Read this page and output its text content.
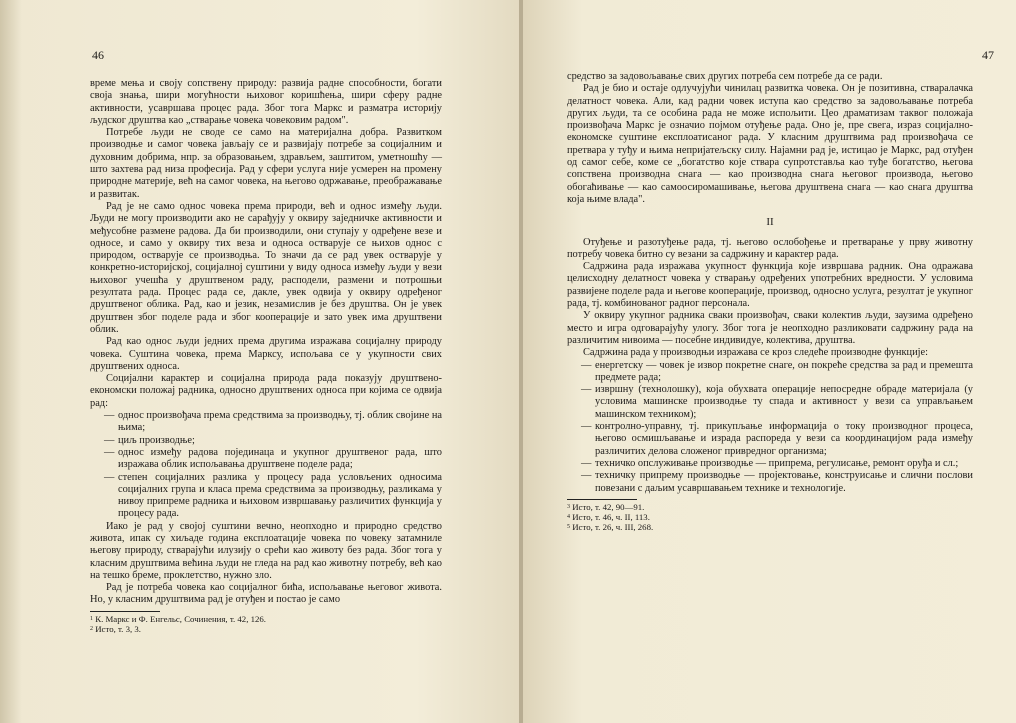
46

време мења и своју сопствену природу: развија радне способности, богати своја знања, шири могућности њиховог коришћења, шири сферу радне активности, усавршава процес рада. Због тога Маркс и разматра историју људског друштва као „стварање човека човековим радом".

Потребе људи не своде се само на материјална добра. Развитком производње и самог човека јављају се и развијају потребе за социјалним и духовним добрима, нпр. за образовањем, здрављем, заштитом, уметношћу — што захтева рад низа професија. Рад у сфери услуга није усмерен на промену природне материје, већ на самог човека, на његово одржавање, преображавање и развитак.

Рад је не само однос човека према природи, већ и однос између људи. Људи не могу производити ако не сарађују у оквиру заједничке активности и међусобне размене радова. Да би производили, они ступају у одређене везе и односе, и само у оквиру тих веза и односа остварује се њихов однос с природом, остварује се производња. То значи да се рад увек остварује у конкретно-историјској, социјалној суштини у виду односа између људи у вези њиховог учешћа у друштвеном раду, расподели, размени и потрошњи резултата рада. Процес рада се, дакле, увек одвија у оквиру одређеног друштвеног облика. Рад, као и језик, незамислив је без друштва. Он је увек друштвен због поделе рада и због кооперације и зато увек има друштвени облик.

Рад као однос људи једних према другима изражава социјалну природу човека. Суштина човека, према Марксу, испољава се у укупности свих друштвених односа.

Социјални карактер и социјална природа рада показују друштвено-економски положај радника, односно друштвених односа при којима се одвија рад:

— однос произвођача према средствима за производњу, тј. облик својине на њима;
— циљ производње;
— однос између радова појединаца и укупног друштвеног рада, што изражава облик испољавања друштвене поделе рада;
— степен социјалних разлика у процесу рада условљених односима социјалних група и класа према средствима за производњу, разликама у нивоу припреме радника и њиховом извршавању различитих функција у процесу рада.

Иако је рад у својој суштини вечно, неопходно и природно средство живота, ипак су хиљаде година експлоатације човека по човеку затамниле његову природу, стварајући илузију о срећи као животу без рада. Због тога у класним друштвима већина људи не гледа на рад као животну потребу, већ као на тешко бреме, проклетство, нужно зло.

Рад је потреба човека као социјалног бића, испољавање његовог живота. Но, у класним друштвима рад је отуђен и постао је само

$^1$ К. Маркс и Ф. Енгельс, Сочинения, т. 42, 126.
$^2$ Исто, т. 3, 3.
47

средство за задовољавање свих других потреба сем потребе да се ради.

Рад је био и остаје одлучујући чинилац развитка човека. Он је позитивна, стваралачка делатност човека. Али, кад радни човек иступа као средство за задовољавање потреба других људи, та се особина рада не може испољити. Цео драматизам таквог положаја произвођача Маркс је означио појмом отуђење рада. Оно је, пре свега, израз социјално-економске суштине експлоатисаног рада. У класним друштвима рад произвођача се претвара у туђу и њима непријатељску силу. Најамни рад је, истицао је Маркс, рад отуђен од самог себе, коме се „богатство које ствара супротставља као туђе богатство, његова сопствена производна снага — као производна снага његовог производа, његово обогаћивање — као самоосиромашивање, његова друштвена снага — као снага друштва која њиме влада".

II

Отуђење и разотуђење рада, тј. његово ослобођење и претварање у прву животну потребу човека битно су везани за садржину и карактер рада.

Садржина рада изражава укупност функција које извршава радник. Она одражава целисходну делатност човека у стварању одређених употребних вредности. У условима развијене поделе рада и његове кооперације, производ, односно услуга, резултат је укупног рада, тј. комбинованог радног персонала.

У оквиру укупног радника сваки произвођач, сваки колектив људи, заузима одређено место и игра одговарајућу улогу. Због тога је неопходно разликовати садржину рада на различитим нивоима — посебне индивидуе, колектива, друштва.

Садржина рада у производњи изражава се кроз следеће производне функције:

— енергетску — човек је извор покретне снаге, он покреће средства за рад и премешта предмете рада;
— извршну (технолошку), која обухвата операције непосредне обраде материјала (у условима машинске производње ту спада и активност у вези са управљањем машинском техником);
— контролно-управну, тј. прикупљање информација о току производног процеса, његово осмишљавање и израда распореда у вези са координацијом рада између различитих делова сложеног привредног организма;
— техничко опслуживање производње — припрема, регулисање, ремонт оруђа и сл.;
— техничку припрему производње — пројектовање, конструисање и слични послови повезани с даљим усавршавањем технике и технологије.
$^3$ Исто, т. 42, 90—91.
$^4$ Исто, т. 46, ч. II, 113.
$^5$ Исто, т. 26, ч. III, 268.
